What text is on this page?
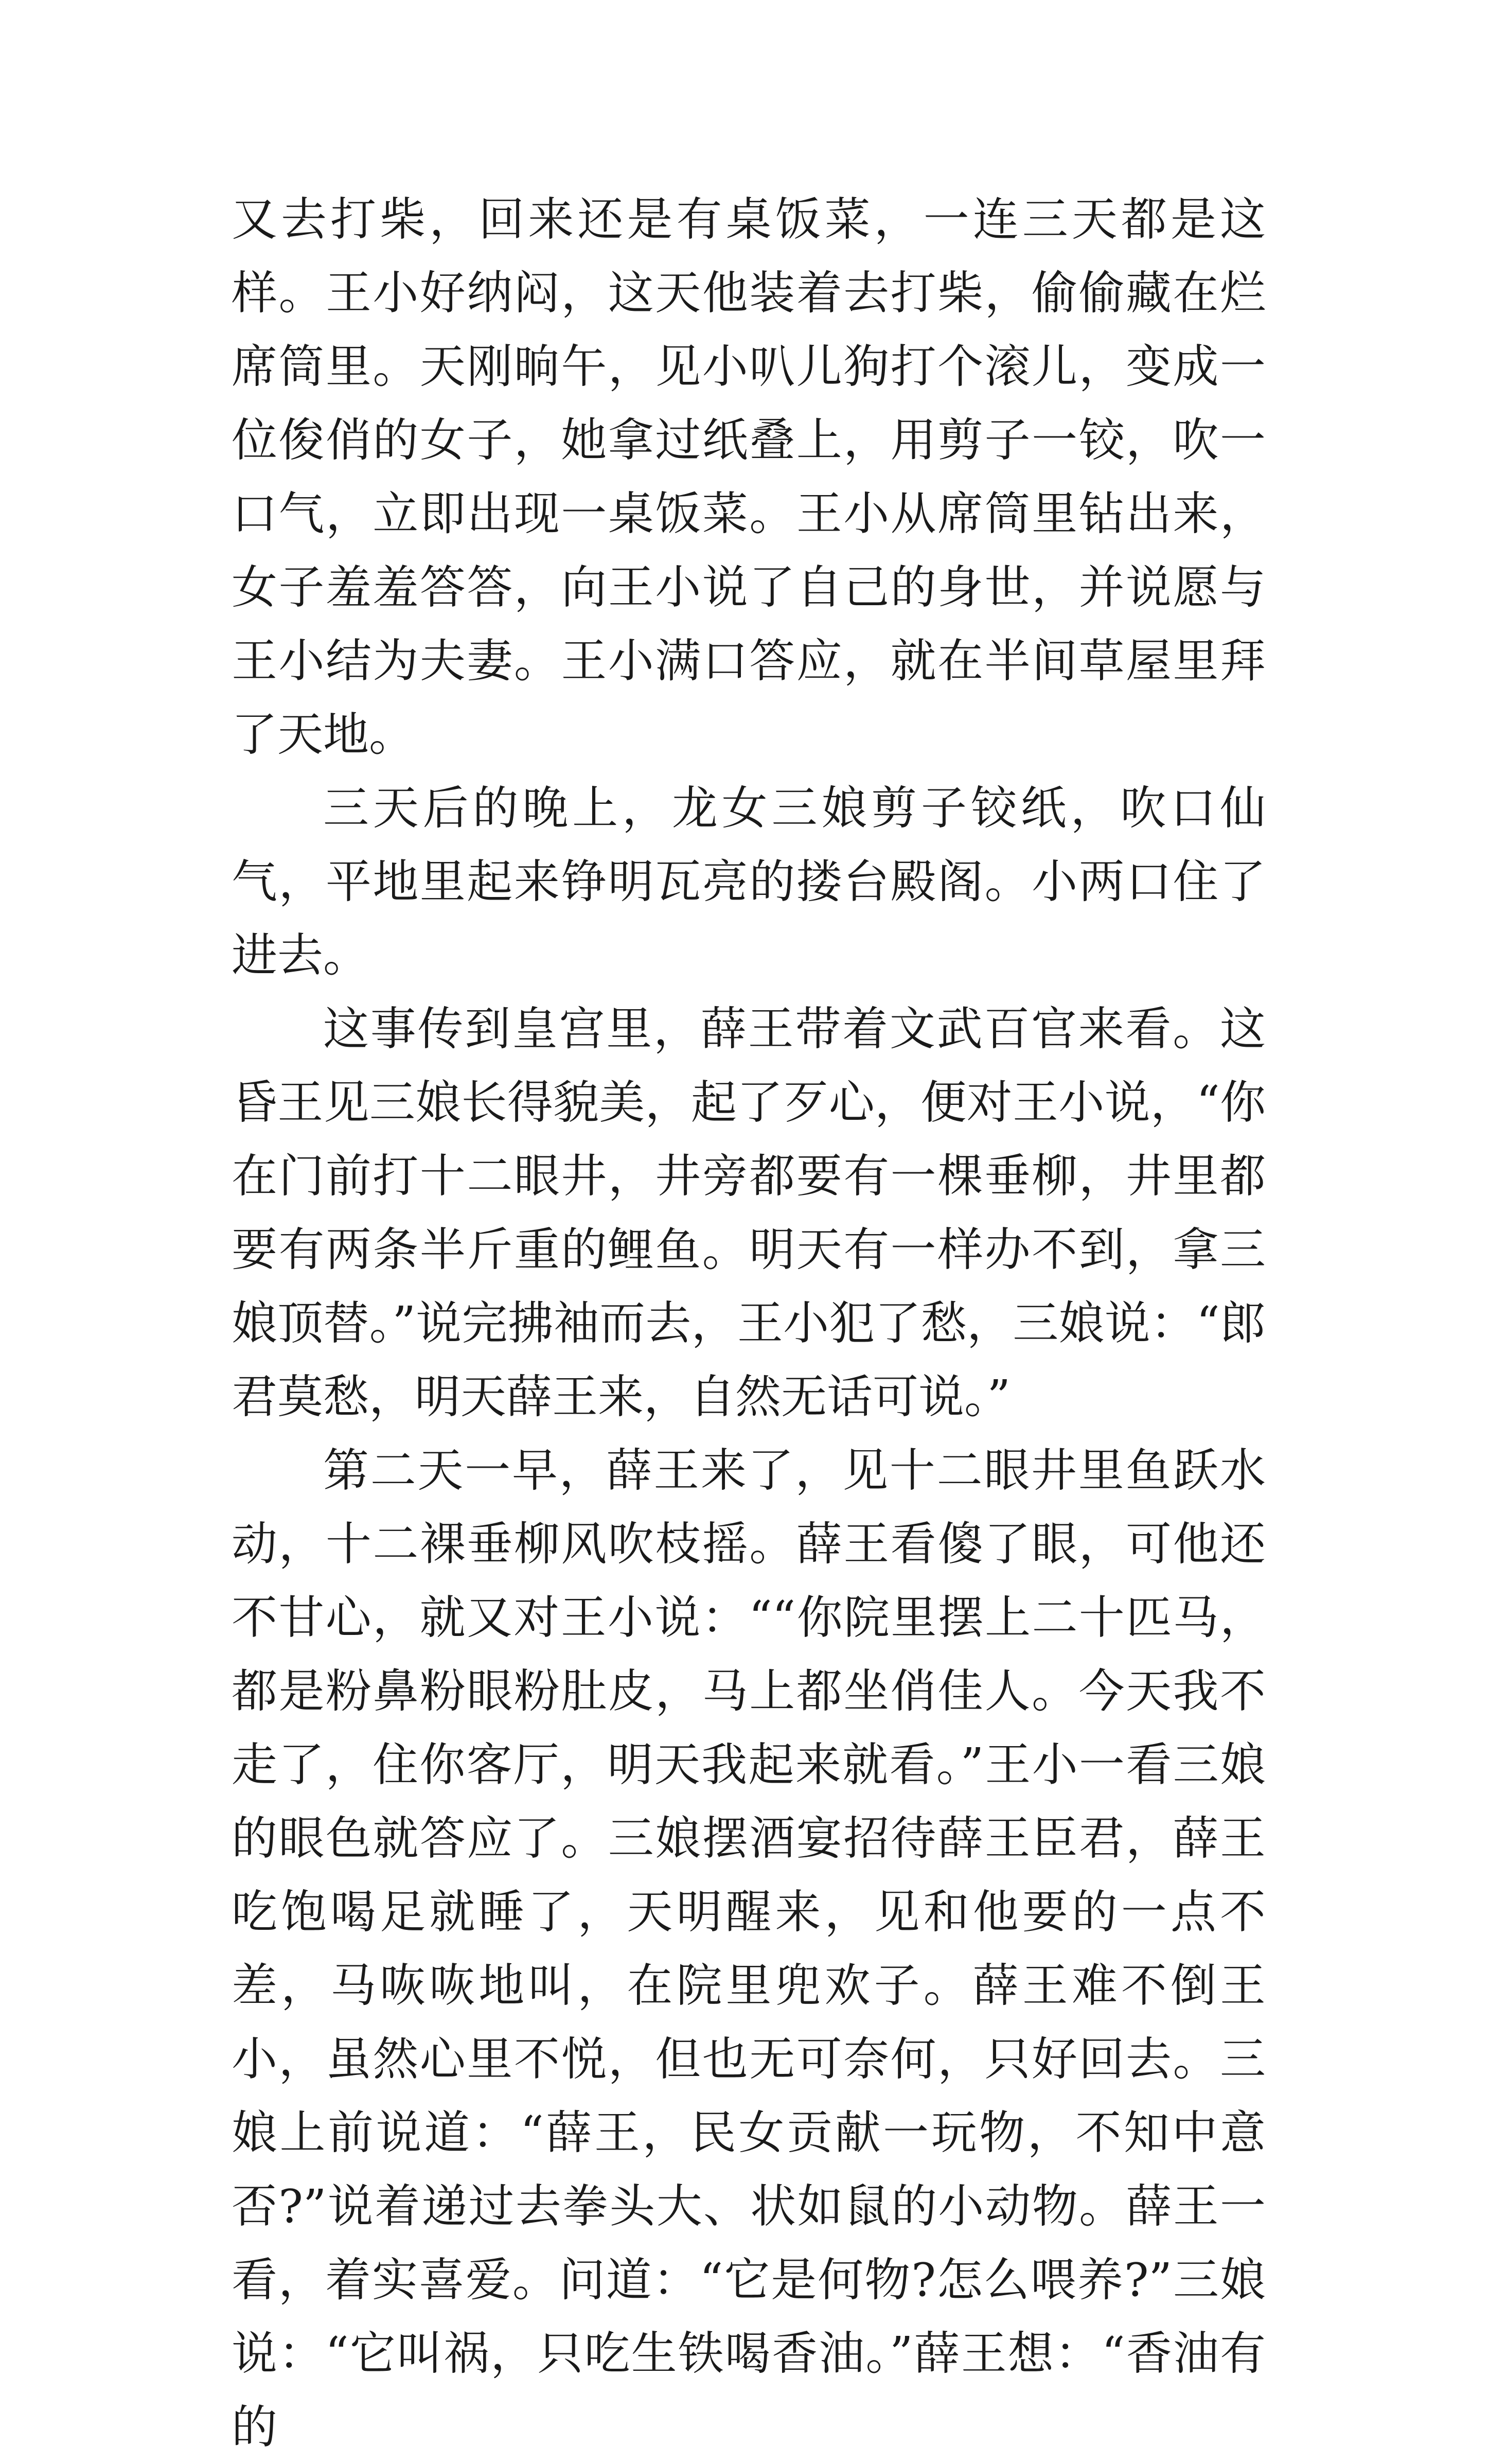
又去打柴，回来还是有桌饭菜，一连三天都是这样。王小好纳闷，这天他装着去打柴，偷偷藏在烂席筒里。天刚晌午，见小叭儿狗打个滚儿，变成一位俊俏的女子，她拿过纸叠上，用剪子一铰，吹一口气，立即出现一桌饭菜。王小从席筒里钻出来，女子羞羞答答，向王小说了自己的身世，并说愿与王小结为夫妻。王小满口答应，就在半间草屋里拜了天地。

三天后的晚上，龙女三娘剪子铰纸，吹口仙气，平地里起来铮明瓦亮的搂台殿阁。小两口住了进去。

这事传到皇宫里，薛王带着文武百官来看。这昏王见三娘长得貌美，起了歹心，便对王小说，“你在门前打十二眼井，井旁都要有一棵垂柳，井里都要有两条半斤重的鲤鱼。明天有一样办不到，拿三娘顶替。”说完拂袖而去，王小犯了愁，三娘说：“郎君莫愁，明天薛王来，自然无话可说。”

第二天一早，薛王来了，见十二眼井里鱼跃水动，十二裸垂柳风吹枝摇。薛王看傻了眼，可他还不甘心，就又对王小说：““你院里摆上二十匹马，都是粉鼻粉眼粉肚皮，马上都坐俏佳人。今天我不走了，住你客厅，明天我起来就看。”王小一看三娘的眼色就答应了。三娘摆酒宴招待薛王臣君，薛王吃饱喝足就睡了，天明醒来，见和他要的一点不差，马咴咴地叫，在院里兜欢子。薛王难不倒王小，虽然心里不悦，但也无可奈何，只好回去。三娘上前说道：“薛王，民女贡献一玩物，不知中意否?”说着递过去拳头大、状如鼠的小动物。薛王一看，着实喜爱。问道：“它是何物?怎么喂养?”三娘说：“它叫祸，只吃生铁喝香油。”薛王想：“香油有的
